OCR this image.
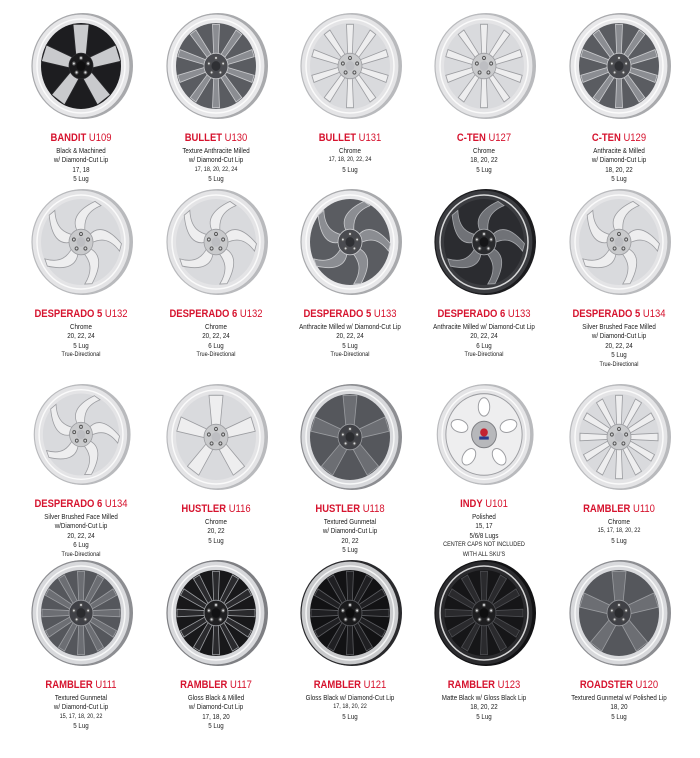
BANDIT U109
Black & Machined
w/ Diamond-Cut Lip
17, 18
5 Lug
BULLET U130
Texture Anthracite Milled
w/ Diamond-Cut Lip
17, 18, 20, 22, 24
5 Lug
BULLET U131
Chrome
17, 18, 20, 22, 24
5 Lug
C-TEN U127
Chrome
18, 20, 22
5 Lug
C-TEN U129
Anthracite & Milled
w/ Diamond-Cut Lip
18, 20, 22
5 Lug
DESPERADO 5 U132
Chrome
20, 22, 24
5 Lug
True-Directional
DESPERADO 6 U132
Chrome
20, 22, 24
6 Lug
True-Directional
DESPERADO 5 U133
Anthracite Milled w/ Diamond-Cut Lip
20, 22, 24
5 Lug
True-Directional
DESPERADO 6 U133
Anthracite Milled w/ Diamond-Cut Lip
20, 22, 24
6 Lug
True-Directional
DESPERADO 5 U134
Silver Brushed Face Milled
w/ Diamond-Cut Lip
20, 22, 24
5 Lug
True-Directional
DESPERADO 6 U134
Silver Brushed Face Milled
w/Diamond-Cut Lip
20, 22, 24
6 Lug
True-Directional
HUSTLER U116
Chrome
20, 22
5 Lug
HUSTLER U118
Textured Gunmetal
w/ Diamond-Cut Lip
20, 22
5 Lug
INDY U101
Polished
15, 17
5/6/8 Lugs
CENTER CAPS NOT INCLUDED
WITH ALL SKU'S
RAMBLER U110
Chrome
15, 17, 18, 20, 22
5 Lug
RAMBLER U111
Textured Gunmetal
w/ Diamond-Cut Lip
15, 17, 18, 20, 22
5 Lug
RAMBLER U117
Gloss Black & Milled
w/ Diamond-Cut Lip
17, 18, 20
5 Lug
RAMBLER U121
Gloss Black w/ Diamond-Cut Lip
17, 18, 20, 22
5 Lug
RAMBLER U123
Matte Black w/ Gloss Black Lip
18, 20, 22
5 Lug
ROADSTER U120
Textured Gunmetal w/ Polished Lip
18, 20
5 Lug
